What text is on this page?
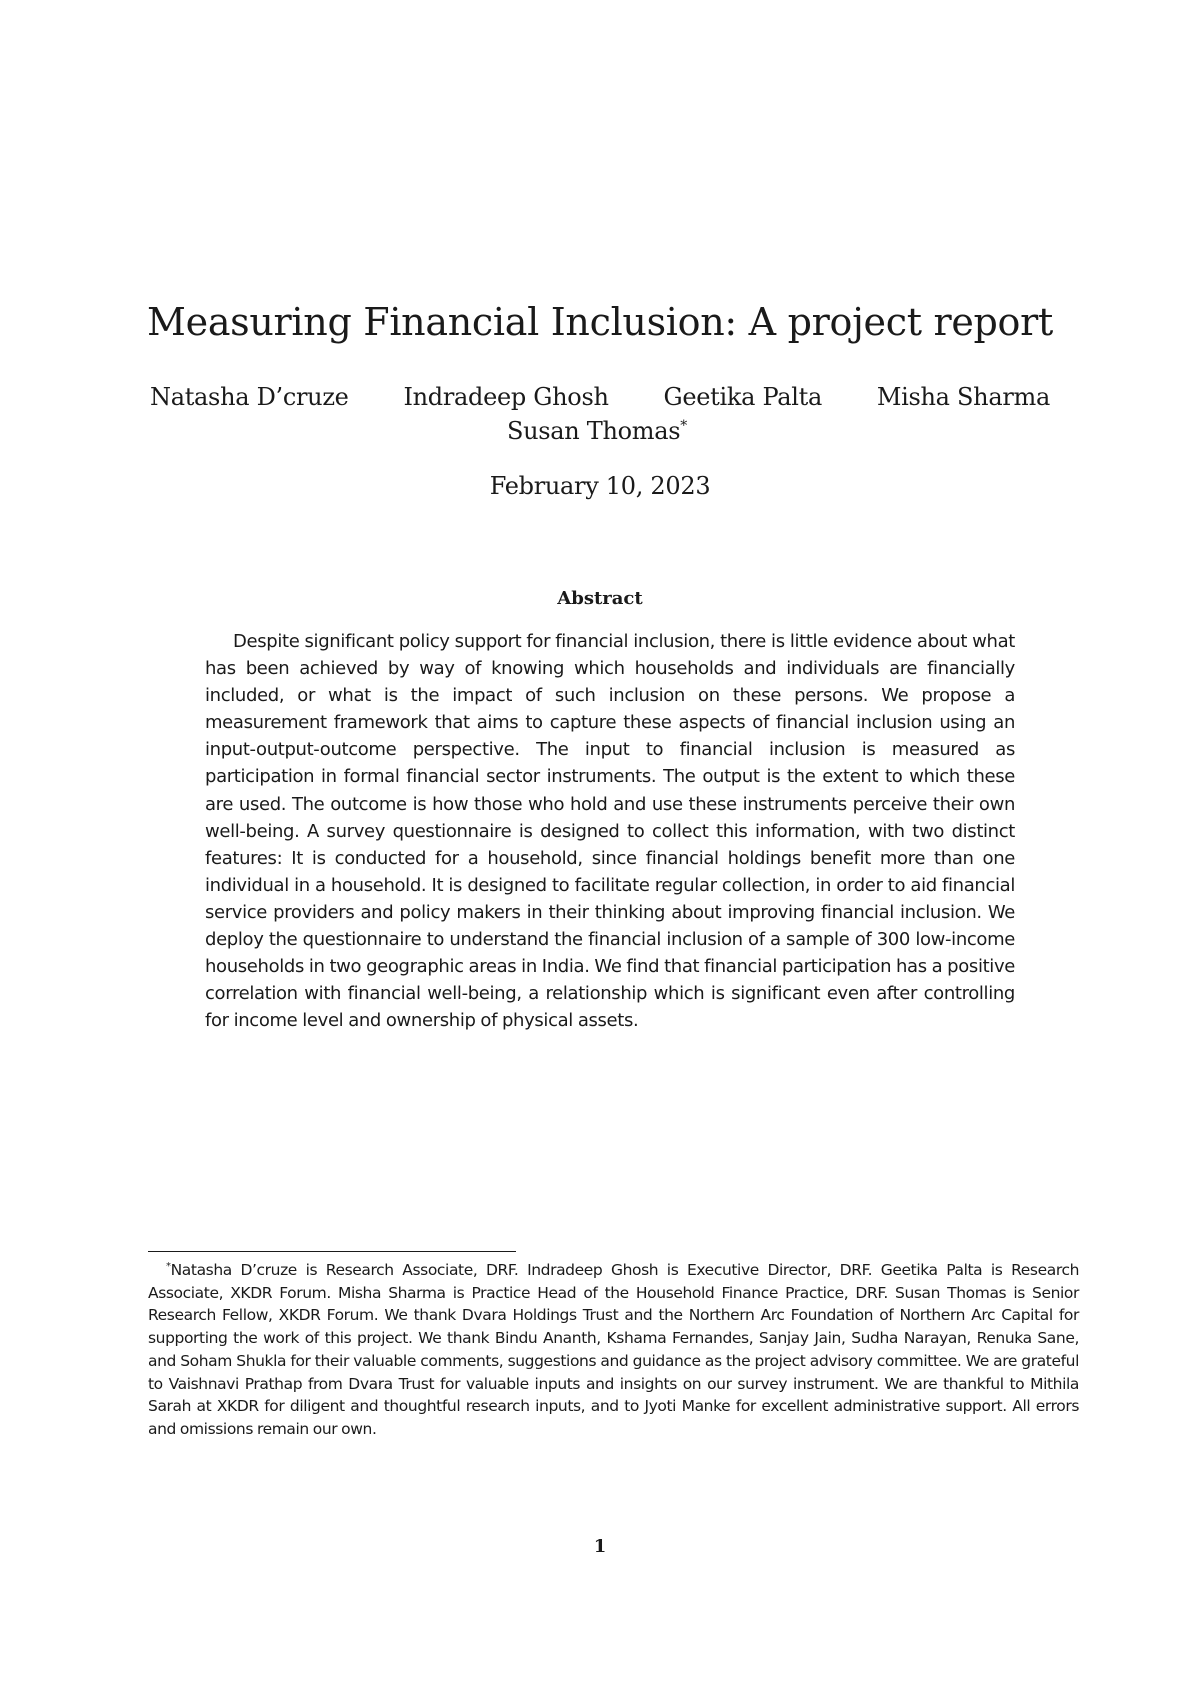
Measuring Financial Inclusion: A project report
Natasha D’cruze Indradeep Ghosh Geetika Palta Misha Sharma
Susan Thomas*
February 10, 2023
Abstract

Despite significant policy support for financial inclusion, there is little evidence about what has been achieved by way of knowing which households and individuals are financially included, or what is the impact of such inclusion on these persons. We propose a measurement framework that aims to capture these aspects of financial inclusion using an input-output-outcome perspective. The input to financial inclusion is measured as participation in formal financial sector instruments. The output is the extent to which these are used. The outcome is how those who hold and use these instruments perceive their own well-being. A survey questionnaire is designed to collect this information, with two distinct features: It is conducted for a household, since financial holdings benefit more than one individual in a household. It is designed to facilitate regular collection, in order to aid financial service providers and policy makers in their thinking about improving financial inclusion. We deploy the questionnaire to understand the financial inclusion of a sample of 300 low-income households in two geographic areas in India. We find that financial participation has a positive correlation with financial well-being, a relationship which is significant even after controlling for income level and ownership of physical assets.

*Natasha D’cruze is Research Associate, DRF. Indradeep Ghosh is Executive Director, DRF. Geetika Palta is Research Associate, XKDR Forum. Misha Sharma is Practice Head of the Household Finance Practice, DRF. Susan Thomas is Senior Research Fellow, XKDR Forum. We thank Dvara Holdings Trust and the Northern Arc Foundation of Northern Arc Capital for supporting the work of this project. We thank Bindu Ananth, Kshama Fernandes, Sanjay Jain, Sudha Narayan, Renuka Sane, and Soham Shukla for their valuable comments, suggestions and guidance as the project advisory committee. We are grateful to Vaishnavi Prathap from Dvara Trust for valuable inputs and insights on our survey instrument. We are thankful to Mithila Sarah at XKDR for diligent and thoughtful research inputs, and to Jyoti Manke for excellent administrative support. All errors and omissions remain our own.

1
